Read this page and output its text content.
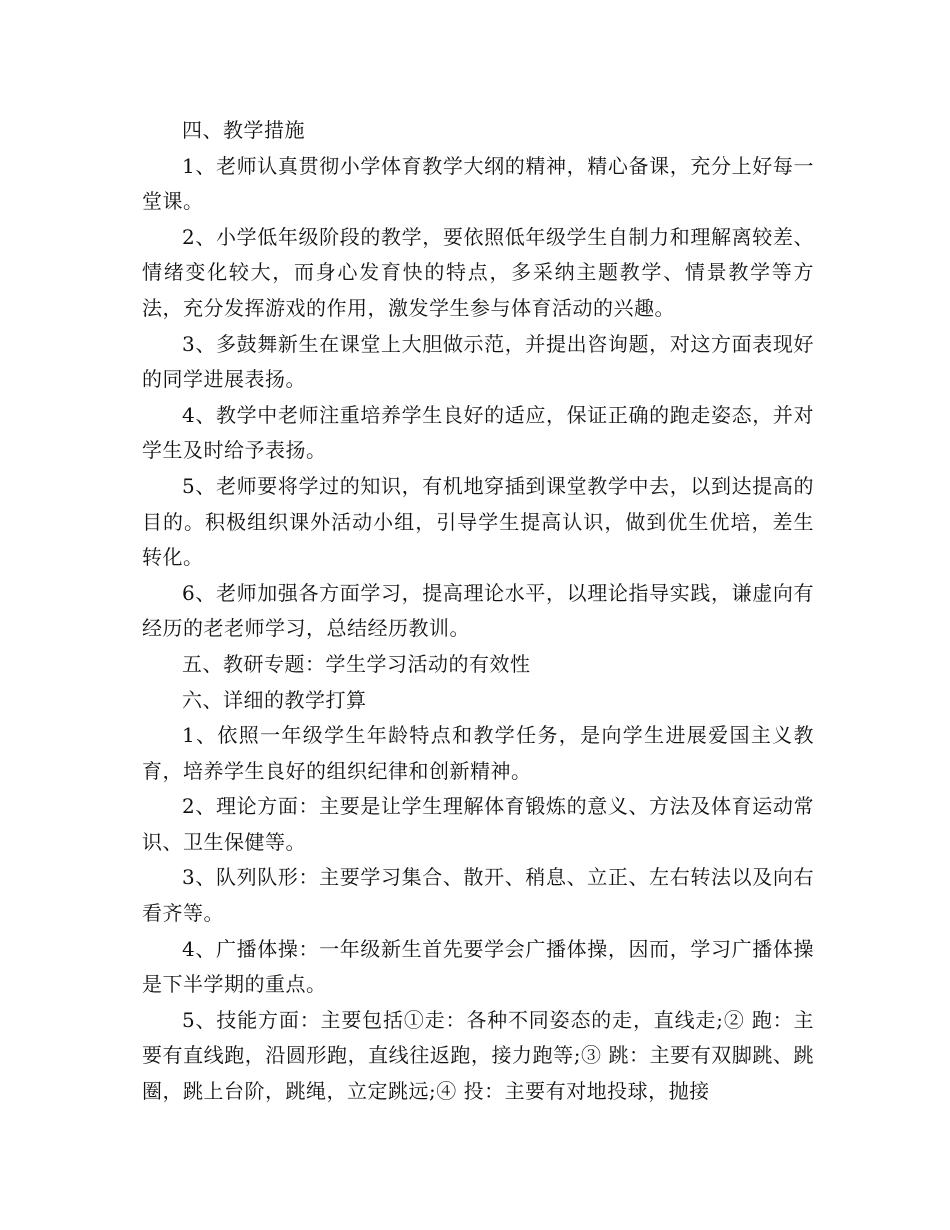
四、教学措施

1、老师认真贯彻小学体育教学大纲的精神，精心备课，充分上好每一堂课。

2、小学低年级阶段的教学，要依照低年级学生自制力和理解离较差、情绪变化较大，而身心发育快的特点，多采纳主题教学、情景教学等方法，充分发挥游戏的作用，激发学生参与体育活动的兴趣。

3、多鼓舞新生在课堂上大胆做示范，并提出咨询题，对这方面表现好的同学进展表扬。

4、教学中老师注重培养学生良好的适应，保证正确的跑走姿态，并对学生及时给予表扬。

5、老师要将学过的知识，有机地穿插到课堂教学中去，以到达提高的目的。积极组织课外活动小组，引导学生提高认识，做到优生优培，差生转化。

6、老师加强各方面学习，提高理论水平，以理论指导实践，谦虚向有经历的老老师学习，总结经历教训。

五、教研专题：学生学习活动的有效性

六、详细的教学打算

1、依照一年级学生年龄特点和教学任务，是向学生进展爱国主义教育，培养学生良好的组织纪律和创新精神。

2、理论方面：主要是让学生理解体育锻炼的意义、方法及体育运动常识、卫生保健等。

3、队列队形：主要学习集合、散开、稍息、立正、左右转法以及向右看齐等。

4、广播体操：一年级新生首先要学会广播体操，因而，学习广播体操是下半学期的重点。

5、技能方面：主要包括①走：各种不同姿态的走，直线走;② 跑：主要有直线跑，沿圆形跑，直线往返跑，接力跑等;③ 跳：主要有双脚跳、跳圈，跳上台阶，跳绳，立定跳远;④ 投：主要有对地投球，抛接
